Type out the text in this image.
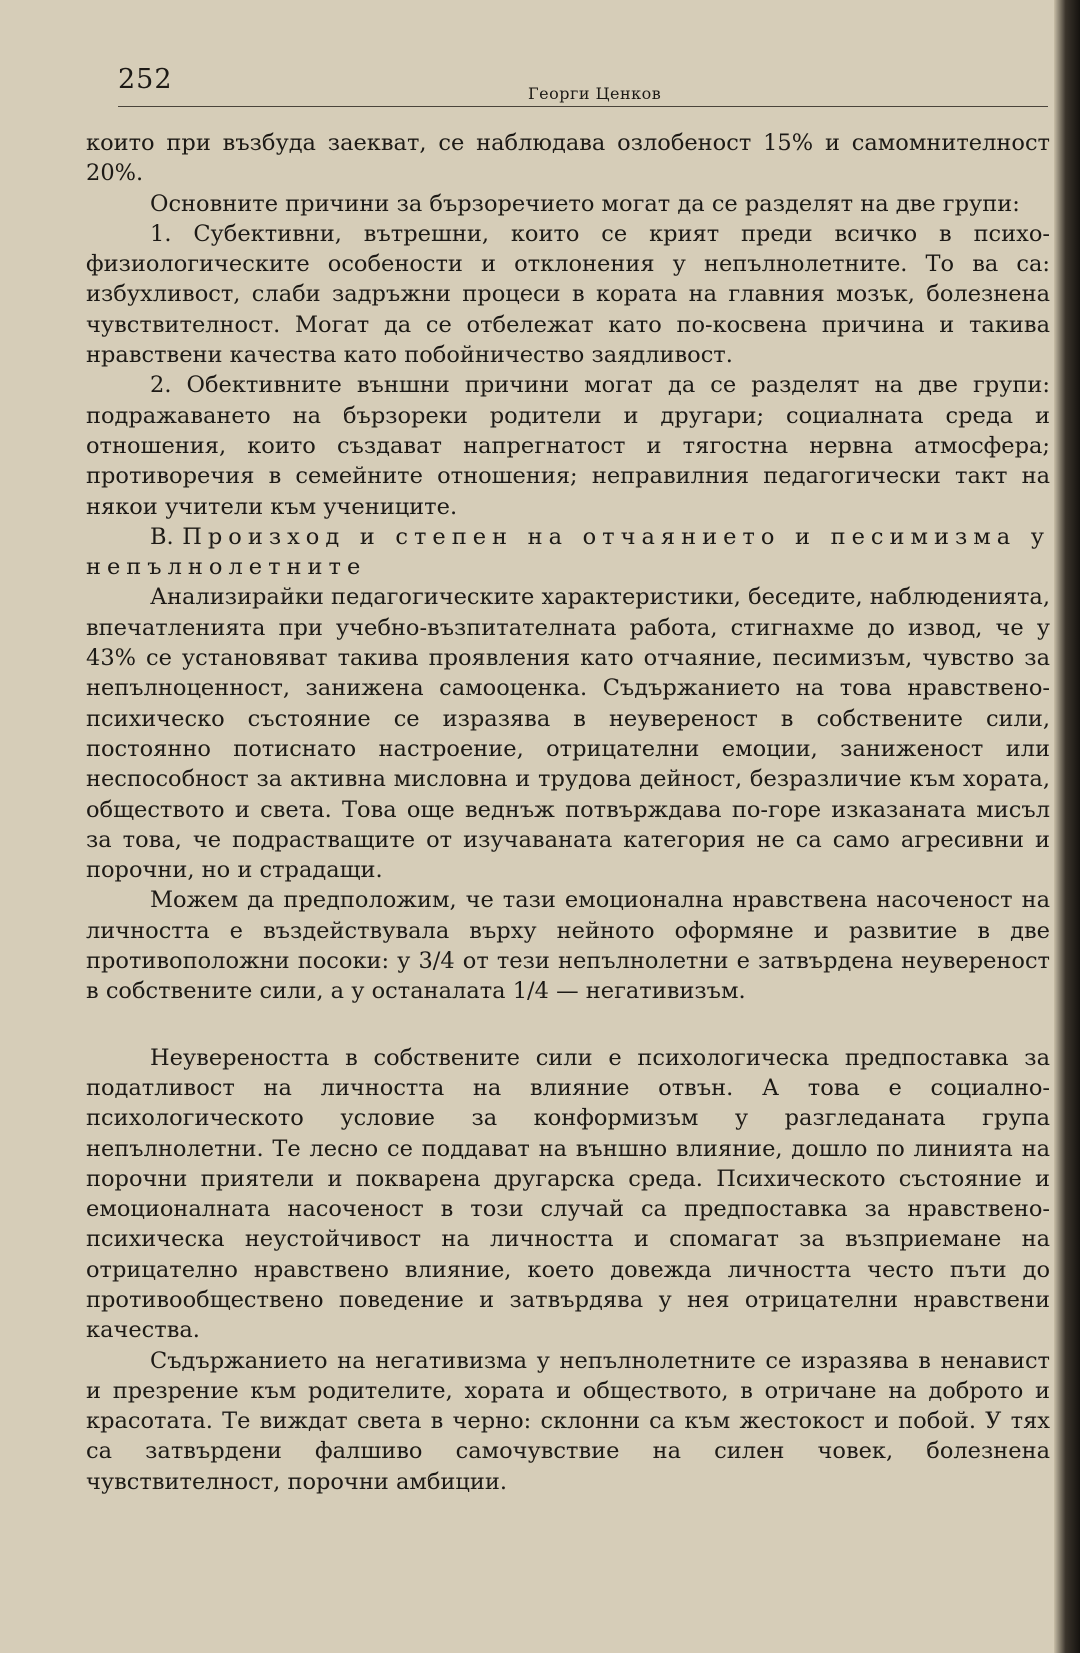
252	Георги Ценков

които при възбуда заекват, се наблюдава озлобеност 15% и самомнителност 20%.

Основните причини за бързоречието могат да се разделят на две групи:

1. Субективни, вътрешни, които се крият преди всичко в психо-физиологическите особености и отклонения у непълнолетните. То ва са: избухливост, слаби задръжни процеси в кората на главния мозък, болезнена чувствителност. Могат да се отбележат като по-косвена причина и такива нравствени качества като побойничество заядливост.

2. Обективните външни причини могат да се разделят на две групи: подражаването на бързореки родители и другари; социалната среда и отношения, които създават напрегнатост и тягостна нервна атмосфера; противоречия в семейните отношения; неправилния педагогически такт на някои учители към учениците.

В. Произход и степен на отчаянието и песимизма у непълнолетните

Анализирайки педагогическите характеристики, беседите, наблюденията, впечатленията при учебно-възпитателната работа, стигнахме до извод, че у 43% се установяват такива проявления като отчаяние, песимизъм, чувство за непълноценност, занижена самооценка. Съдържанието на това нравствено-психическо състояние се изразява в неувереност в собствените сили, постоянно потиснато настроение, отрицателни емоции, заниженост или неспособност за активна мисловна и трудова дейност, безразличие към хората, обществото и света. Това още веднъж потвърждава по-горе изказаната мисъл за това, че подрастващите от изучаваната категория не са само агресивни и порочни, но и страдащи.

Можем да предположим, че тази емоционална нравствена насоченост на личността е въздействувала върху нейното оформяне и развитие в две противоположни посоки: у 3/4 от тези непълнолетни е затвърдена неувереност в собствените сили, а у останалата 1/4 — негативизъм.

Неувереността в собствените сили е психологическа предпоставка за податливост на личността на влияние отвън. А това е социално-психологическото условие за конформизъм у разгледаната група непълнолетни. Те лесно се поддават на външно влияние, дошло по линията на порочни приятели и покварена другарска среда. Психическото състояние и емоционалната насоченост в този случай са предпоставка за нравствено-психическа неустойчивост на личността и спомагат за възприемане на отрицателно нравствено влияние, което довежда личността често пъти до противообществено поведение и затвърдява у нея отрицателни нравствени качества.

Съдържанието на негативизма у непълнолетните се изразява в ненавист и презрение към родителите, хората и обществото, в отричане на доброто и красотата. Те виждат света в черно: склонни са към жестокост и побой. У тях са затвърдени фалшиво самочувствие на силен човек, болезнена чувствителност, порочни амбиции.
